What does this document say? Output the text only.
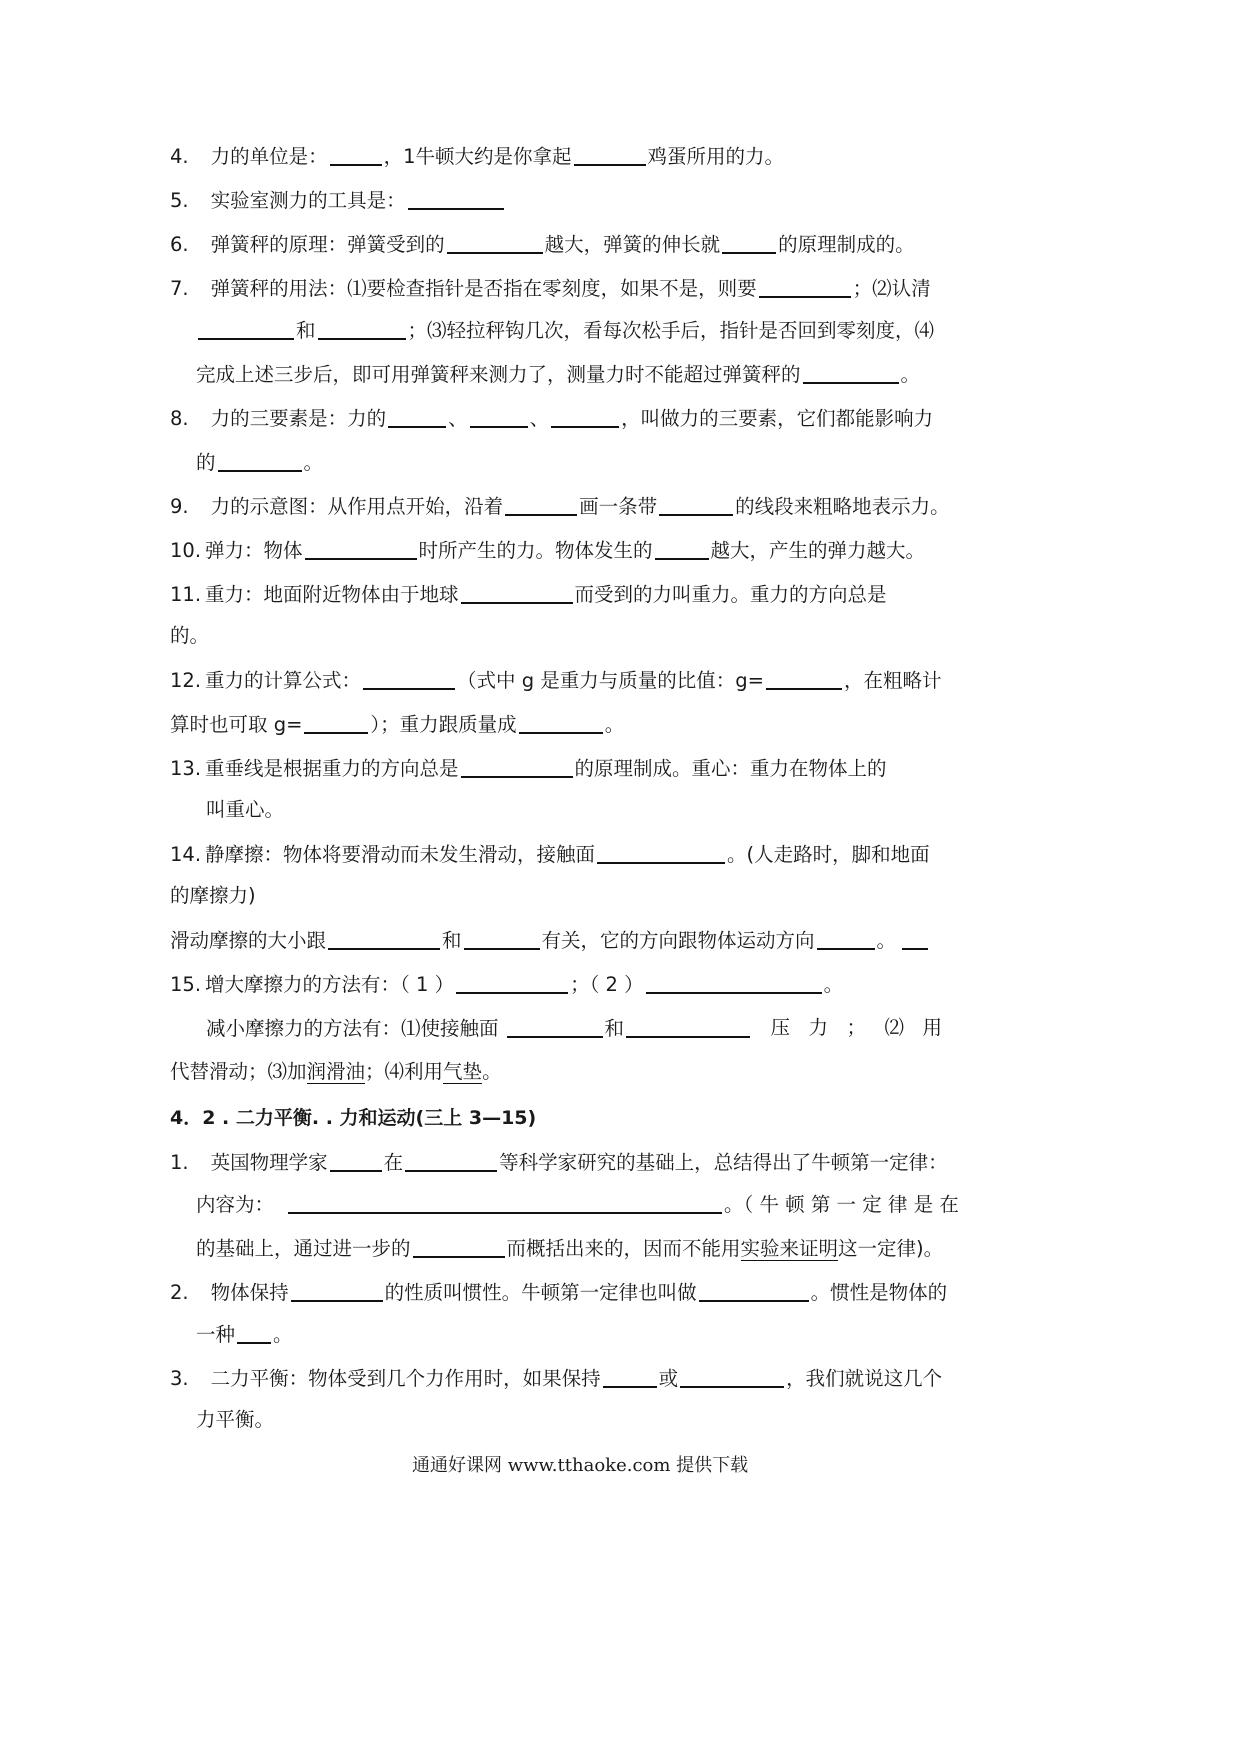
4. 力的单位是：	，1牛顿大约是你拿起	鸡蛋所用的力。
5. 实验室测力的工具是：
6. 弹簧秤的原理：弹簧受到的	越大，弹簧的伸长就	的原理制成的。
7. 弹簧秤的用法：⑴要检查指针是否指在零刻度，如果不是，则要	；⑵认清
和	；⑶轻拉秤钩几次，看每次松手后，指针是否回到零刻度，⑷
完成上述三步后，即可用弹簧秤来测力了，测量力时不能超过弹簧秤的	。
8. 力的三要素是：力的	、	、	，叫做力的三要素，它们都能影响力
的	。
9. 力的示意图：从作用点开始，沿着	画一条带	的线段来粗略地表示力。
10. 弹力：物体	时所产生的力。物体发生的	越大，产生的弹力越大。
11. 重力：地面附近物体由于地球	而受到的力叫重力。重力的方向总是
的。
12. 重力的计算公式：	（式中 g 是重力与质量的比值：g=	，在粗略计
算时也可取 g=	）；重力跟质量成	。
13. 重垂线是根据重力的方向总是	的原理制成。重心：重力在物体上的
叫重心。
14. 静摩擦：物体将要滑动而未发生滑动，接触面	。(人走路时，脚和地面
的摩擦力)
滑动摩擦的大小跟	和	有关，它的方向跟物体运动方向	。
15. 增大摩擦力的方法有：（ 1 ）	；（ 2 ）	。
减小摩擦力的方法有：⑴使接触面	和	压 力 ； ⑵ 用
代替滑动；⑶加润滑油；⑷利用气垫。
4．2 . 二力平衡. . 力和运动(三上 3—15)
1. 英国物理学家	在	等科学家研究的基础上，总结得出了牛顿第一定律：
内容为：	。（ 牛 顿 第 一 定 律 是 在
的基础上，通过进一步的	而概括出来的，因而不能用实验来证明这一定律)。
2. 物体保持	的性质叫惯性。牛顿第一定律也叫做	。惯性是物体的
一种 。
3. 二力平衡：物体受到几个力作用时，如果保持	或	，我们就说这几个
力平衡。
通通好课网 www.tthaoke.com 提供下载
